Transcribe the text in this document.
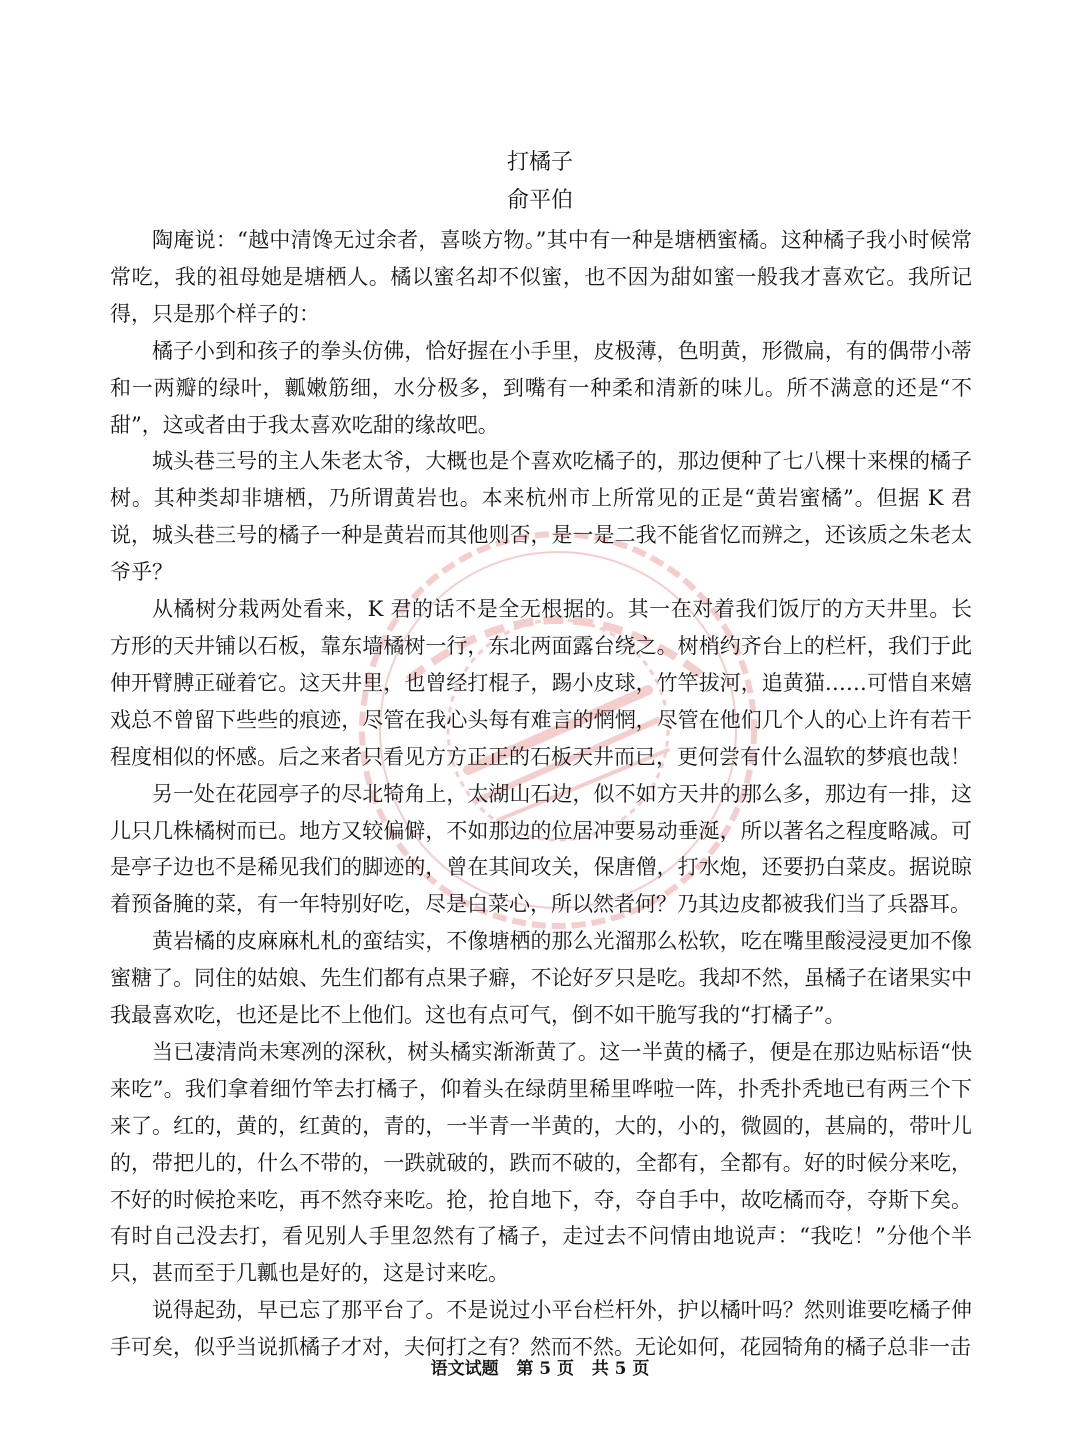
打橘子
俞平伯

陶庵说：“越中清馋无过余者，喜啖方物。”其中有一种是塘栖蜜橘。这种橘子我小时候常常吃，我的祖母她是塘栖人。橘以蜜名却不似蜜，也不因为甜如蜜一般我才喜欢它。我所记得，只是那个样子的：

橘子小到和孩子的拳头仿佛，恰好握在小手里，皮极薄，色明黄，形微扁，有的偶带小蒂和一两瓣的绿叶，瓤嫩筋细，水分极多，到嘴有一种柔和清新的味儿。所不满意的还是“不甜”，这或者由于我太喜欢吃甜的缘故吧。

城头巷三号的主人朱老太爷，大概也是个喜欢吃橘子的，那边便种了七八棵十来棵的橘子树。其种类却非塘栖，乃所谓黄岩也。本来杭州市上所常见的正是“黄岩蜜橘”。但据 K 君说，城头巷三号的橘子一种是黄岩而其他则否，是一是二我不能省忆而辨之，还该质之朱老太爷乎？

从橘树分栽两处看来，K 君的话不是全无根据的。其一在对着我们饭厅的方天井里。长方形的天井铺以石板，靠东墙橘树一行，东北两面露台绕之。树梢约齐台上的栏杆，我们于此伸开臂膊正碰着它。这天井里，也曾经打棍子，踢小皮球，竹竿拔河，追黄猫……可惜自来嬉戏总不曾留下些些的痕迹，尽管在我心头每有难言的惘惘，尽管在他们几个人的心上许有若干程度相似的怀感。后之来者只看见方方正正的石板天井而已，更何尝有什么温软的梦痕也哉！

另一处在花园亭子的尽北犄角上，太湖山石边，似不如方天井的那么多，那边有一排，这儿只几株橘树而已。地方又较偏僻，不如那边的位居冲要易动垂涎，所以著名之程度略减。可是亭子边也不是稀见我们的脚迹的，曾在其间攻关，保唐僧，打水炮，还要扔白菜皮。据说晾着预备腌的菜，有一年特别好吃，尽是白菜心，所以然者何？乃其边皮都被我们当了兵器耳。

黄岩橘的皮麻麻札札的蛮结实，不像塘栖的那么光溜那么松软，吃在嘴里酸浸浸更加不像蜜糖了。同住的姑娘、先生们都有点果子癖，不论好歹只是吃。我却不然，虽橘子在诸果实中我最喜欢吃，也还是比不上他们。这也有点可气，倒不如干脆写我的“打橘子”。

当已凄清尚未寒冽的深秋，树头橘实渐渐黄了。这一半黄的橘子，便是在那边贴标语“快来吃”。我们拿着细竹竿去打橘子，仰着头在绿荫里稀里哗啦一阵，扑秃扑秃地已有两三个下来了。红的，黄的，红黄的，青的，一半青一半黄的，大的，小的，微圆的，甚扁的，带叶儿的，带把儿的，什么不带的，一跌就破的，跌而不破的，全都有，全都有。好的时候分来吃，不好的时候抢来吃，再不然夺来吃。抢，抢自地下，夺，夺自手中，故吃橘而夺，夺斯下矣。有时自己没去打，看见别人手里忽然有了橘子，走过去不问情由地说声：“我吃！”分他个半只，甚而至于几瓤也是好的，这是讨来吃。

说得起劲，早已忘了那平台了。不是说过小平台栏杆外，护以橘叶吗？然则谁要吃橘子伸手可矣，似乎当说抓橘子才对，夫何打之有？然而不然。无论如何，花园犄角的橘子总非一击

语文试题   第 5 页   共 5 页
